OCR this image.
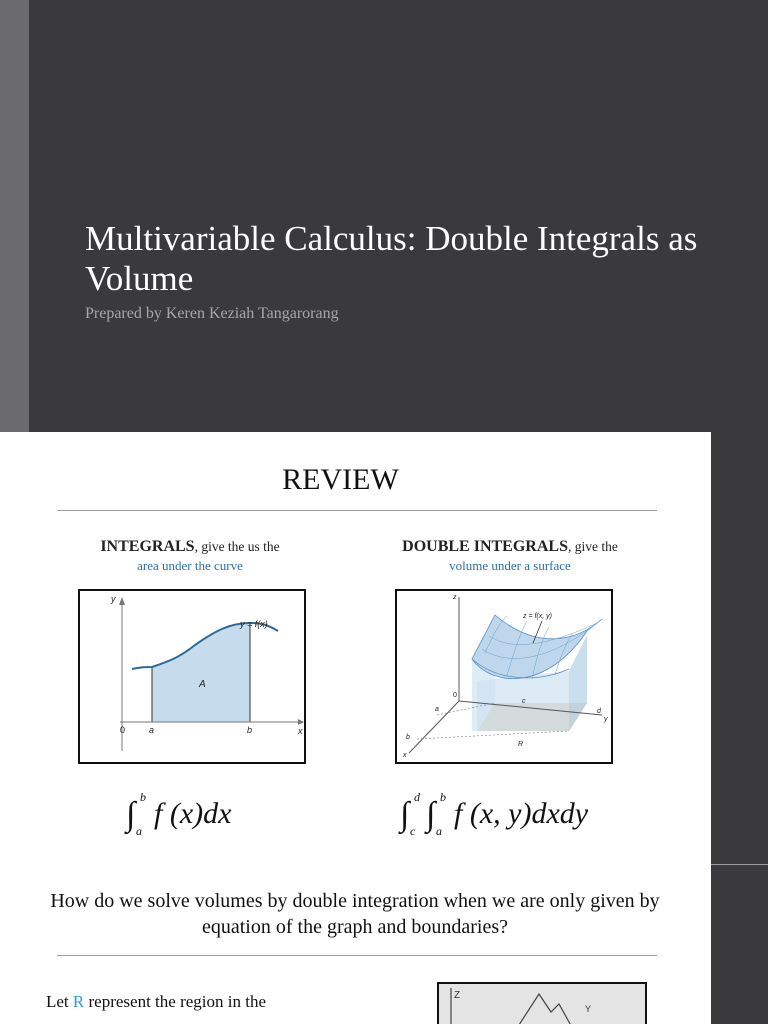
Multivariable Calculus: Double Integrals as Volume
Prepared by Keren Keziah Tangarorang
REVIEW
INTEGRALS, give the us the
area under the curve
DOUBLE INTEGRALS, give the
volume under a surface
y
x
0	a	b
y = f(x)
A
z
z = f(x, y)
0
R
a
b
c
d
x
y
∫ b
a
f (x)dx	∫ d
c ∫ b
a
f (x, y)dxdy
How do we solve volumes by double integration when we are only given by equation of the graph and boundaries?
Let R represent the region in the	Z
Y
